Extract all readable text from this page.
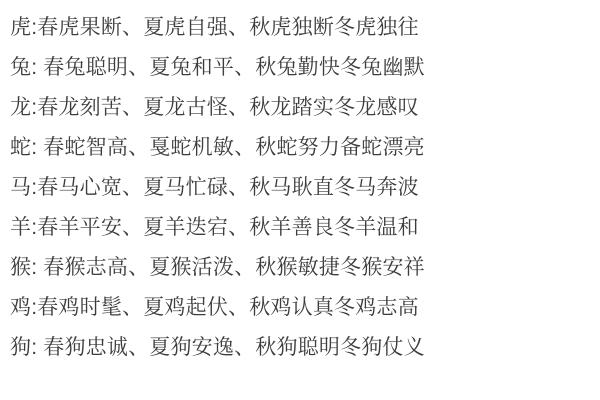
虎:春虎果断、夏虎自强、秋虎独断冬虎独往
兔: 春兔聪明、夏兔和平、秋兔勤快冬兔幽默
龙:春龙刻苦、夏龙古怪、秋龙踏实冬龙感叹
蛇: 春蛇智高、戛蛇机敏、秋蛇努力备蛇漂亮
马:春马心宽、夏马忙碌、秋马耿直冬马奔波
羊:春羊平安、夏羊迭宕、秋羊善良冬羊温和
猴: 春猴志高、夏猴活泼、秋猴敏捷冬猴安祥
鸡:春鸡时髦、夏鸡起伏、秋鸡认真冬鸡志高
狗: 春狗忠诚、夏狗安逸、秋狗聪明冬狗仗义
